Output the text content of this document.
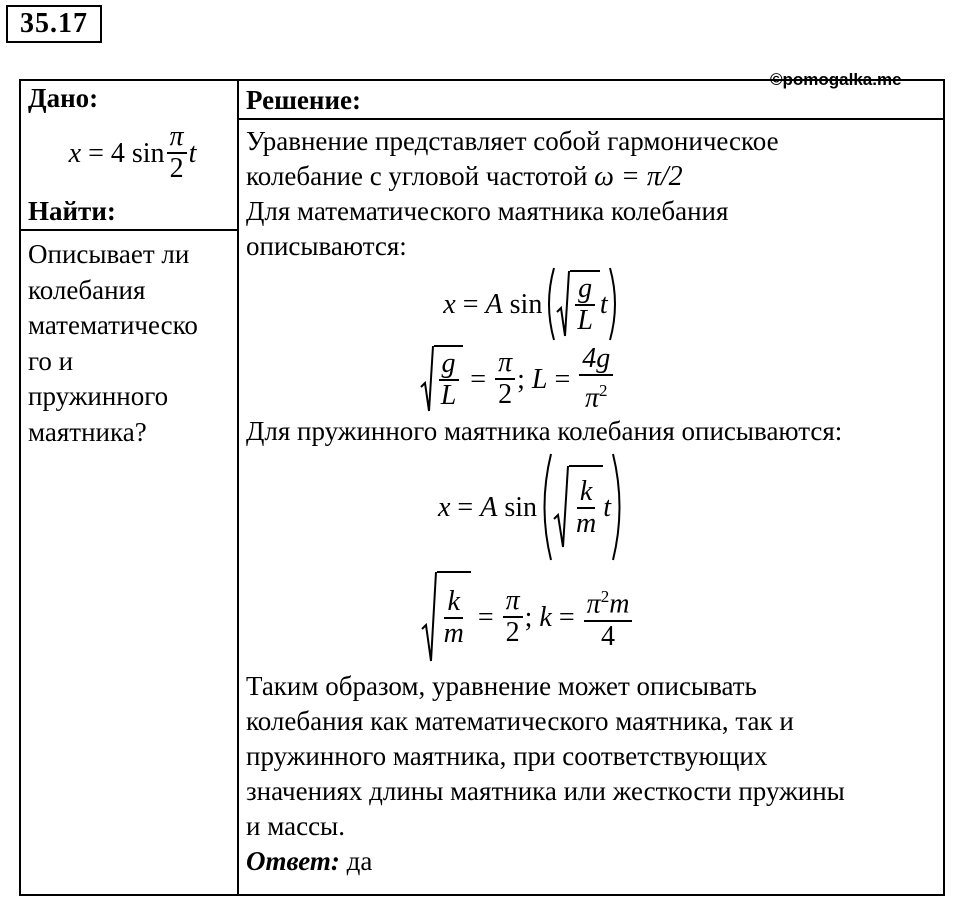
35.17
©pomogalka.me
Дано:
x
=
4
$\sin \frac{\pi}{2}$ t
Найти:
Описывает ли
колебания
математическо
го и
пружинного
маятника?

Решение:
Уравнение представляет собой гармоническое
колебание с угловой частотой ω = π/2
Для математического маятника колебания
описываются:
x
=
A
$\sin \frac{g}{L}$ t
$\frac{g}{L}$
=
$\frac{\pi}{2}$ ;
L
=
$\frac{4g}{\pi^2}$
Для пружинного маятника колебания описываются:
x
=
A
$\sin \frac{k}{m}$ t
$\frac{k}{m}$
=
$\frac{\pi}{2}$ ;
k
=
$\frac{\pi^2m}{4}$
Таким образом, уравнение может описывать
колебания как математического маятника, так и
пружинного маятника, при соответствующих
значениях длины маятника или жесткости пружины
и массы.
Ответ: да
